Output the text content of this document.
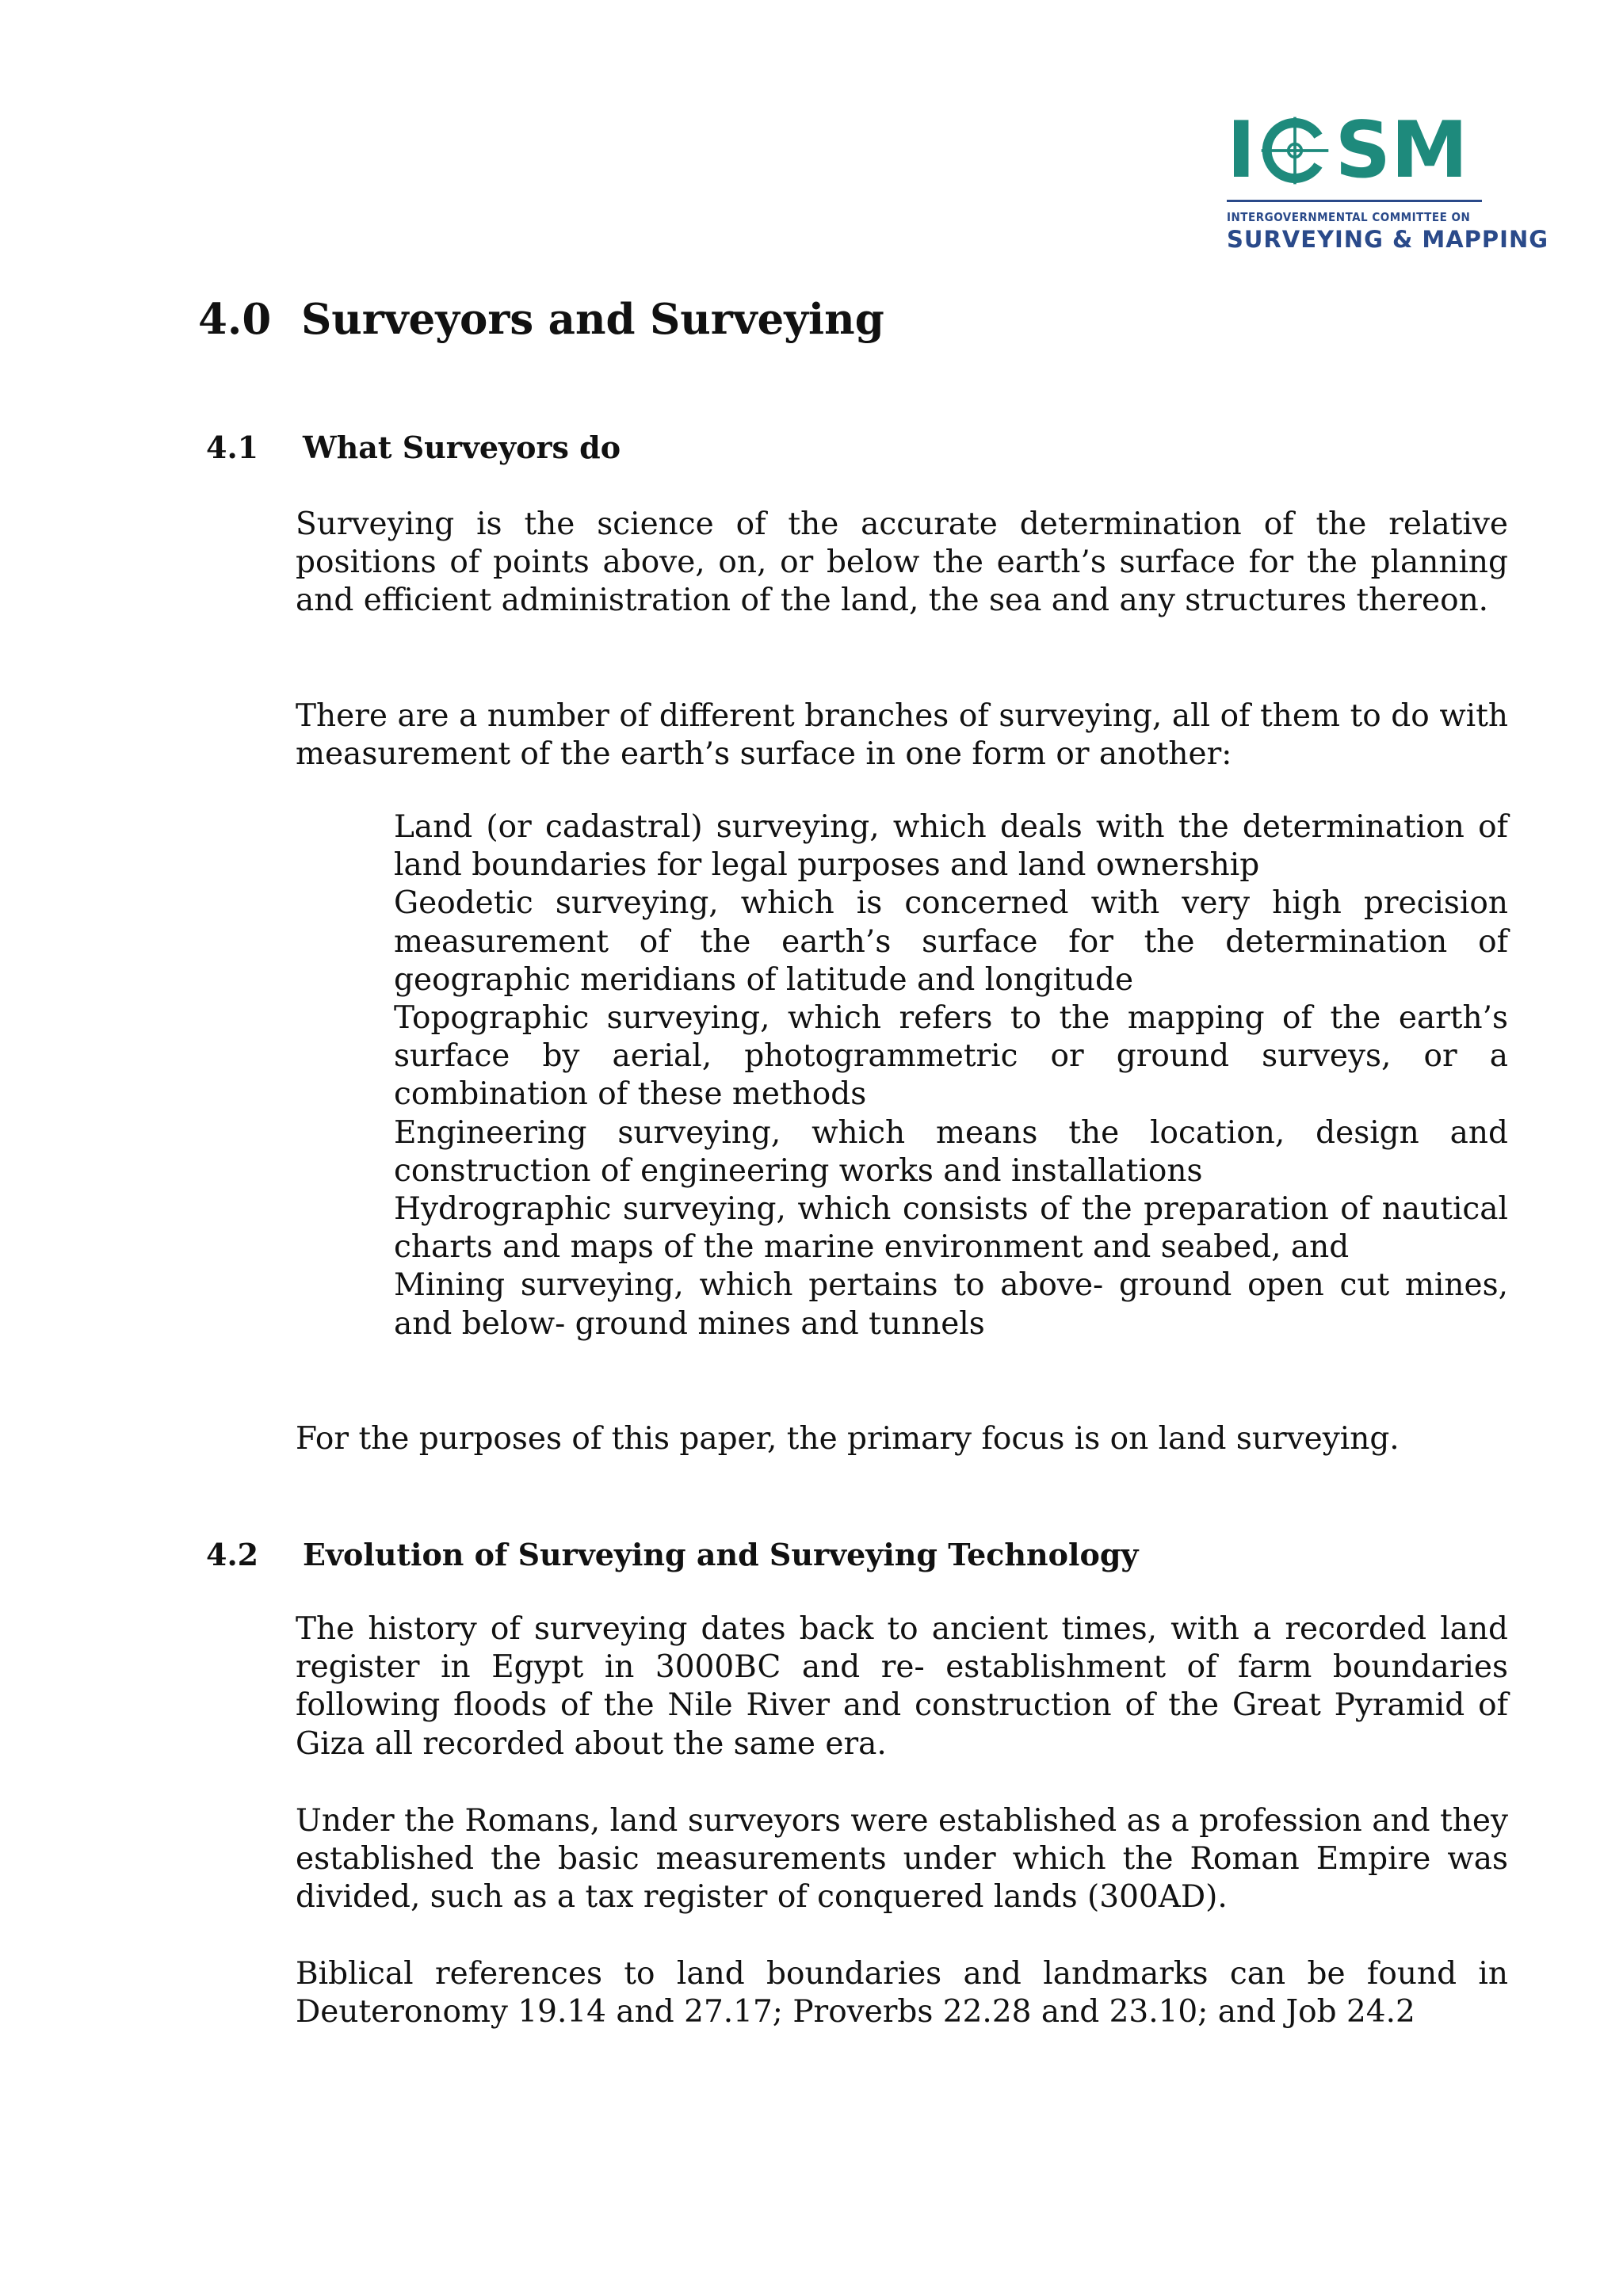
I SM
INTERGOVERNMENTAL COMMITTEE ON
SURVEYING & MAPPING
4.0 Surveyors and Surveying
4.1 What Surveyors do

Surveying is the science of the accurate determination of the relative positions of points above, on, or below the earth’s surface for the planning and efficient administration of the land, the sea and any structures thereon.

There are a number of different branches of surveying, all of them to do with measurement of the earth’s surface in one form or another:

Land (or cadastral) surveying, which deals with the determination of land boundaries for legal purposes and land ownership
Geodetic surveying, which is concerned with very high precision measurement of the earth’s surface for the determination of geographic meridians of latitude and longitude
Topographic surveying, which refers to the mapping of the earth’s surface by aerial, photogrammetric or ground surveys, or a combination of these methods
Engineering surveying, which means the location, design and construction of engineering works and installations
Hydrographic surveying, which consists of the preparation of nautical charts and maps of the marine environment and seabed, and
Mining surveying, which pertains to above- ground open cut mines, and below- ground mines and tunnels

For the purposes of this paper, the primary focus is on land surveying.

4.2 Evolution of Surveying and Surveying Technology

The history of surveying dates back to ancient times, with a recorded land register in Egypt in 3000BC and re- establishment of farm boundaries following floods of the Nile River and construction of the Great Pyramid of Giza all recorded about the same era.

Under the Romans, land surveyors were established as a profession and they established the basic measurements under which the Roman Empire was divided, such as a tax register of conquered lands (300AD).

Biblical references to land boundaries and landmarks can be found in Deuteronomy 19.14 and 27.17; Proverbs 22.28 and 23.10; and Job 24.2
